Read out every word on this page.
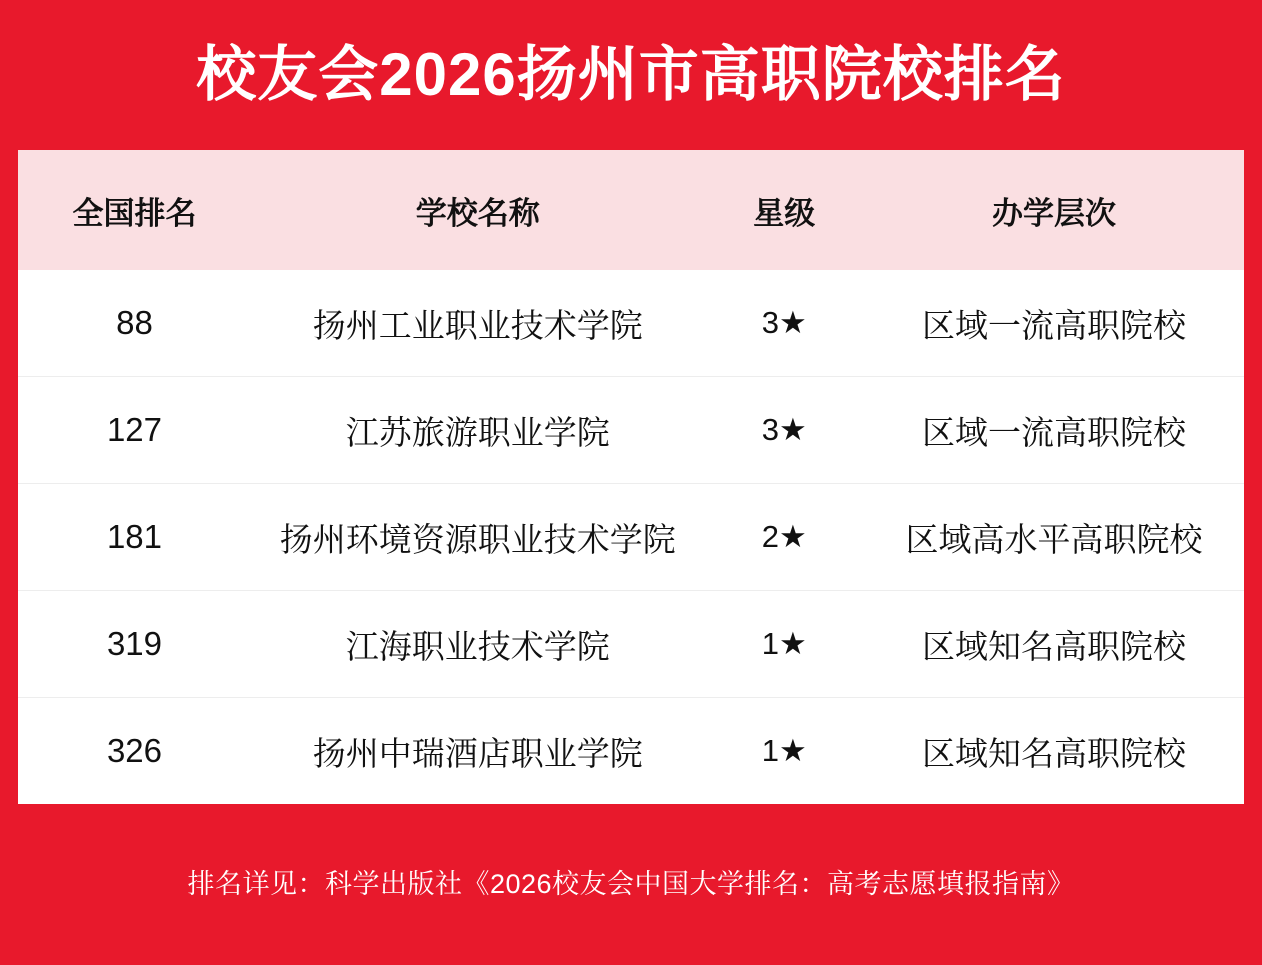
校友会2026扬州市高职院校排名
全国排名	学校名称	星级	办学层次
88	扬州工业职业技术学院	3★	区域一流高职院校
127	江苏旅游职业学院	3★	区域一流高职院校
181	扬州环境资源职业技术学院	2★	区域高水平高职院校
319	江海职业技术学院	1★	区域知名高职院校
326	扬州中瑞酒店职业学院	1★	区域知名高职院校
排名详见：科学出版社《2026校友会中国大学排名：高考志愿填报指南》
